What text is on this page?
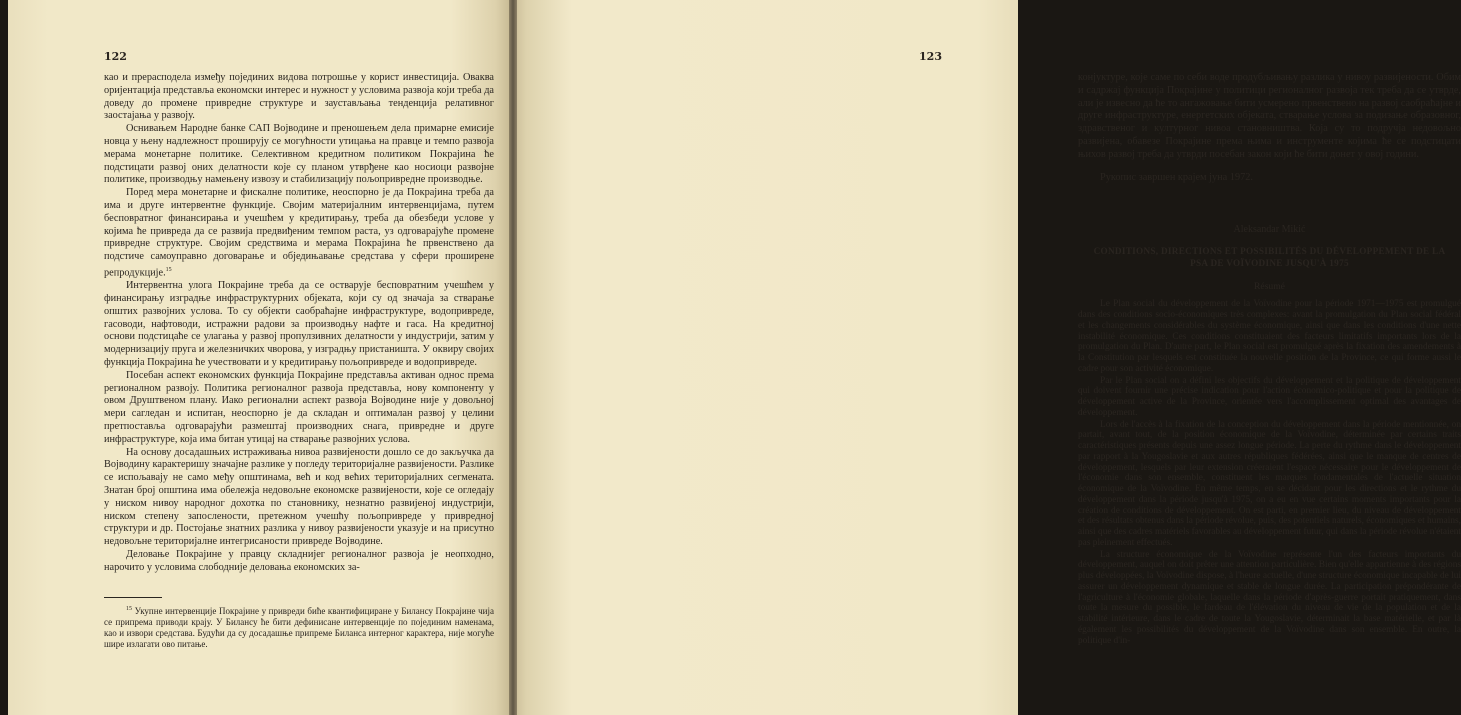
122

као и прерасподела између појединих видова потрошње у корист инвестиција. Оваква оријентација представља економски интерес и нужност у условима развоја који треба да доведу до промене привредне структуре и заустављања тенденција релативног заостајања у развоју.

Оснивањем Народне банке САП Војводине и преношењем дела примарне емисије новца у њену надлежност проширују се могућности утицања на правце и темпо развоја мерама монетарне политике. Селективном кредитном политиком Покрајина ће подстицати развој оних делатности које су планом утврђене као носиоци развојне политике, производњу намењену извозу и стабилизацију пољопривредне производње.

Поред мера монетарне и фискалне политике, неоспорно је да Покрајина треба да има и друге интервентне функције. Својим материјалним интервенцијама, путем бесповратног финансирања и учешћем у кредитирању, треба да обезбеди услове у којима ће привреда да се развија предвиђеним темпом раста, уз одговарајуће промене привредне структуре. Својим средствима и мерама Покрајина ће првенствено да подстиче самоуправно договарање и обједињавање средстава у сфери проширене репродукције.$^{15}$

Интервентна улога Покрајине треба да се остварује бесповратним учешћем у финансирању изградње инфраструктурних објеката, који су од значаја за стварање општих развојних услова. То су објекти саобраћајне инфраструктуре, водопривреде, гасоводи, нафтоводи, истражни радови за производњу нафте и гаса. На кредитној основи подстицаће се улагања у развој пропулзивних делатности у индустрији, затим у модернизацију пруга и железничких чворова, у изградњу пристаништа. У оквиру својих функција Покрајина ће учествовати и у кредитирању пољопривреде и водопривреде.

Посебан аспект економских функција Покрајине представља активан однос према регионалном развоју. Политика регионалног развоја представља, нову компоненту у овом Друштвеном плану. Иако регионални аспект развоја Војводине није у довољној мери сагледан и испитан, неоспорно је да складан и оптималан развој у целини претпоставља одговарајући размештај производних снага, привредне и друге инфраструктуре, која има битан утицај на стварање развојних услова.

На основу досадашњих истраживања нивоа развијености дошло се до закључка да Војводину карактеришу значајне разлике у погледу територијалне развијености. Разлике се испољавају не само међу општинама, већ и код већих територијалних сегмената. Знатан број општина има обележја недовољне економске развијености, које се огледају у ниском нивоу народног дохотка по становнику, незнатно развијеној индустрији, ниском степену запослености, претежном учешћу пољопривреде у привредној структури и др. Постојање знатних разлика у нивоу развијености указује и на присутно недовољне територијалне интегрисаности привреде Војводине.

Деловање Покрајине у правцу складнијег регионалног развоја је неопходно, нарочито у условима слободније деловања економских за-

$^{15}$ Укупне интервенције Покрајине у привреди биће квантифициране у Билансу Покрајине чија се припрема приводи крају. У Билансу ће бити дефинисане интервенције по појединим наменама, као и извори средстава. Будући да су досадашње припреме Биланса интерног карактера, није могуће шире излагати ово питање.

123

конјуктуре, које саме по себи воде продубљивању разлика у нивоу развијености. Обим и садржај функција Покрајине у политици регионалног развоја тек треба да се утврде, али је извесно да ће то ангажовање бити усмерено првенствено на развој саобраћајне и друге инфраструктуре, енергетских објеката, стварање услова за подизање образовног, здравственог и културног нивоа становништва. Која су то подручја недовољно развијена, обавезе Покрајине према њима и инструменте којима ће се подстицати њихов развој треба да утврди посебан закон који ће бити донет у овој години.

Рукопис завршен крајем јуна 1972.

Aleksandar Mikić
CONDITIONS, DIRECTIONS ET POSSIBILITÉS DU DÉVELOPPEMENT DE LA
PSA DE VOÏVODINE JUSQU'À 1975
Résumé

Le Plan social du développement de la Voïvodine pour la période 1971—1975 est promulgué dans des conditions socio-économiques très complexes: avant la promulgation du Plan social fédéral et les changements considérables du système économique, ainsi que dans les conditions d'une nette instabilité économique. Ces conditions constituaient des facteurs limitatifs importants lors de la promulgation du Plan. D'autre part, le Plan social est promulgué après la fixation des amendements à la Constitution par lesquels est constituée la nouvelle position de la Province, ce qui forme aussi le cadre pour son activité économique.

Par le Plan social on a défini les objectifs du développement et la politique de développement qui doivent fournir une précise indication pour l'action économico-politique et pour la politique de développement active de la Province, orientée vers l'accomplissement optimal des avantages de développement.

Lors de l'accès à la fixation de la conception du développement dans la période mentionnée, on partait, avant tout, de la position économique de la Voïvodine, déterminée par certains traits caractéristiques présents depuis une assez longue période. La perte du rythme dans le développement par rapport à la Yougoslavie et aux autres républiques fédérées, ainsi que le manque de centres de développement, lesquels par leur extension créeraient l'espace nécessaire pour le développement de l'économie dans son ensemble, constituent les marques fondamentales de l'actuelle situation économique de la Voïvodine. En même temps, en se décidant pour les directions et le rythme du développement dans la période jusqu'à 1975, on a eu en vue certains moments importants pour la création de conditions de développement. On est parti, en premier lieu, du niveau de développement et des résultats obtenus dans la période révolue, puis, des potentiels naturels, économiques et humains, ainsi que des cadres matériels favorables au développement futur, qui dans la période révolue n'étaient pas pleinement effectués.

La structure économique de la Voïvodine représente l'un des facteurs importants du développement, auquel on doit prêter une attention particulière. Bien qu'elle appartienne à des régions plus développées, la Voïvodine dispose, à l'heure actuelle, d'une structure économique incapable de lui assurer un développement dynamique et stable de longue durée. La participation prépondérante de l'agriculture à l'économie globale, laquelle dans la période d'après-guerre portait pratiquement, dans toute la mesure du possible, le fardeau de l'élévation du niveau de vie de la population et de la stabilité intérieure, dans le cadre de toute la Yougoslavie, déterminait la base matérielle, et par là également les possibilités du développement de la Voïvodine dans son ensemble. En outre, la politique d'in-
